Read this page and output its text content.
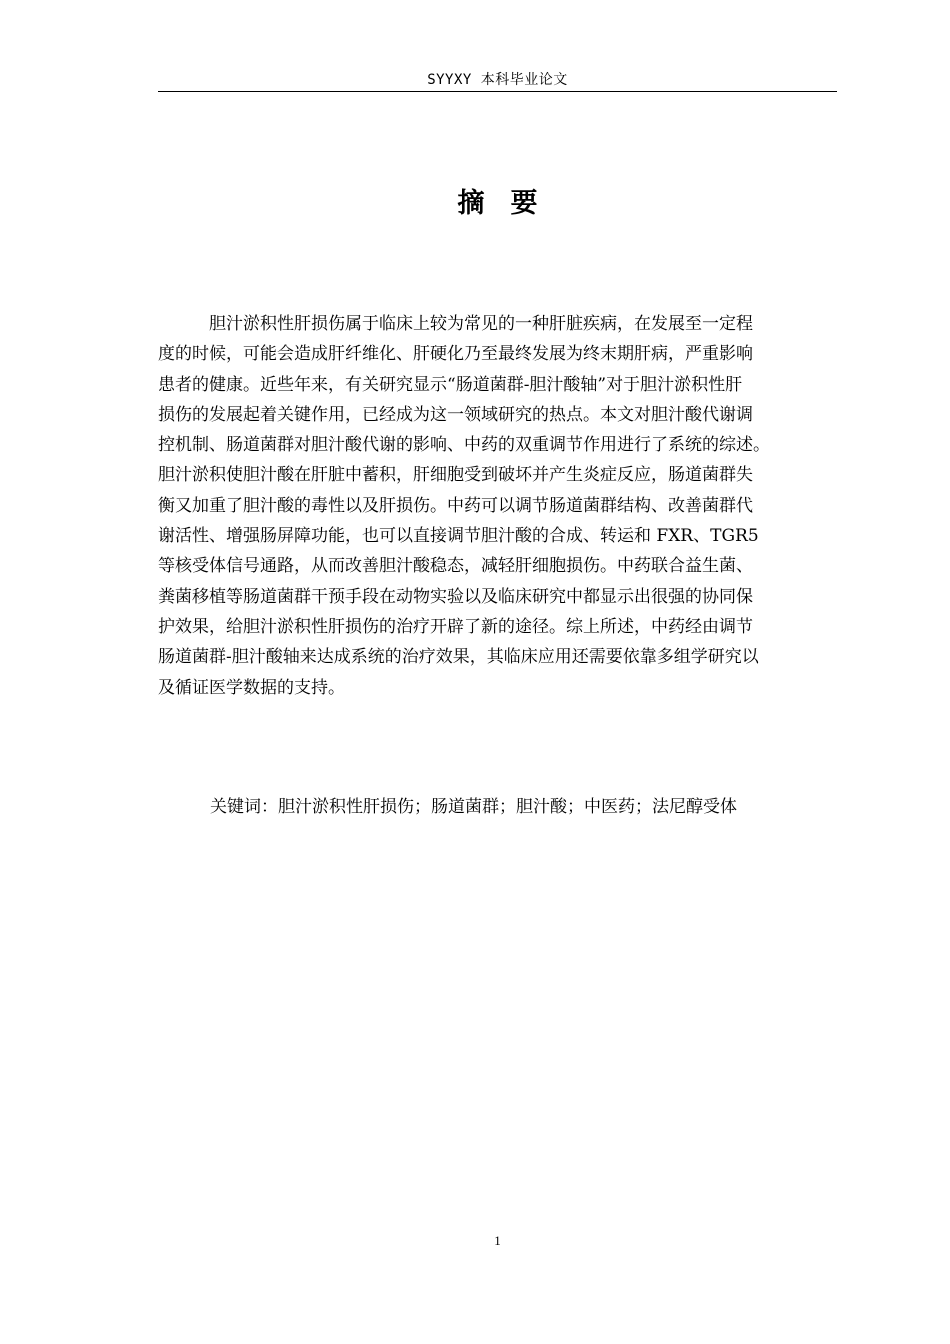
SYYXY 本科毕业论文
摘 要
胆汁淤积性肝损伤属于临床上较为常见的一种肝脏疾病，在发展至一定程
度的时候，可能会造成肝纤维化、肝硬化乃至最终发展为终末期肝病，严重影响
患者的健康。近些年来，有关研究显示“肠道菌群-胆汁酸轴”对于胆汁淤积性肝
损伤的发展起着关键作用，已经成为这一领域研究的热点。本文对胆汁酸代谢调
控机制、肠道菌群对胆汁酸代谢的影响、中药的双重调节作用进行了系统的综述。
胆汁淤积使胆汁酸在肝脏中蓄积，肝细胞受到破坏并产生炎症反应，肠道菌群失
衡又加重了胆汁酸的毒性以及肝损伤。中药可以调节肠道菌群结构、改善菌群代
谢活性、增强肠屏障功能，也可以直接调节胆汁酸的合成、转运和 FXR、TGR5
等核受体信号通路，从而改善胆汁酸稳态，减轻肝细胞损伤。中药联合益生菌、
粪菌移植等肠道菌群干预手段在动物实验以及临床研究中都显示出很强的协同保
护效果，给胆汁淤积性肝损伤的治疗开辟了新的途径。综上所述，中药经由调节
肠道菌群-胆汁酸轴来达成系统的治疗效果，其临床应用还需要依靠多组学研究以
及循证医学数据的支持。
关键词：胆汁淤积性肝损伤；肠道菌群；胆汁酸；中医药；法尼醇受体
1
